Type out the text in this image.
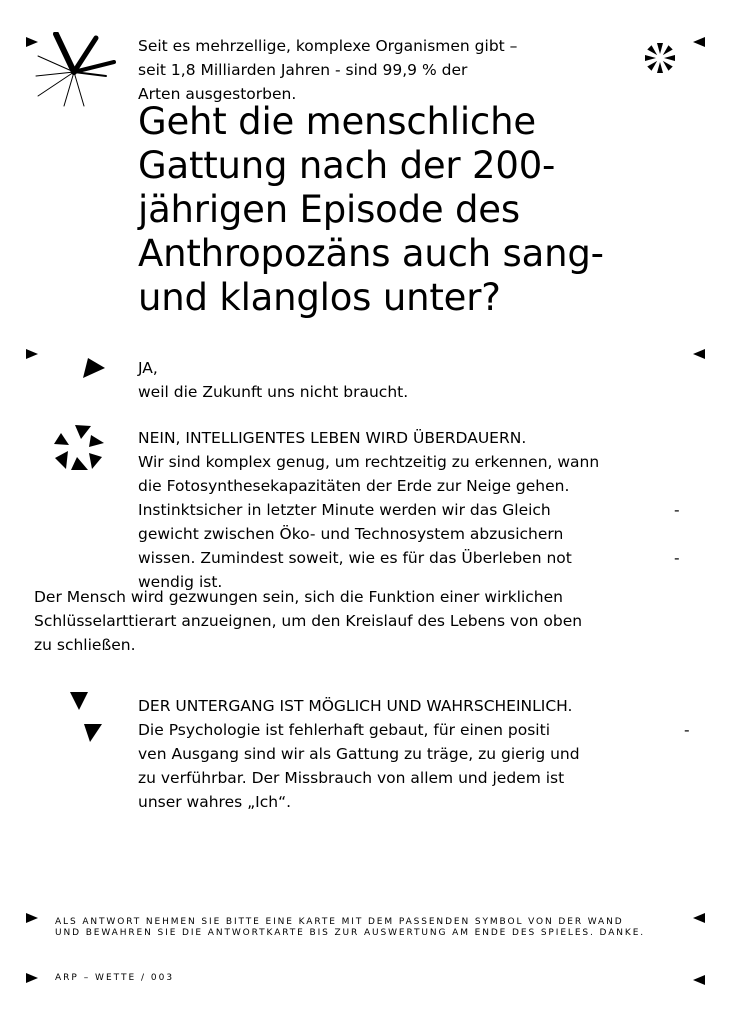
Seit es mehrzellige, komplexe Organismen gibt –
seit 1,8 Milliarden Jahren - sind 99,9 % der
Arten ausgestorben.
Geht die menschliche
Gattung nach der 200-
jährigen Episode des
Anthropozäns auch sang-
und klanglos unter?
JA,
weil die Zukunft uns nicht braucht.
NEIN, INTELLIGENTES LEBEN WIRD ÜBERDAUERN.
Wir sind komplex genug, um rechtzeitig zu erkennen, wann
die Fotosynthesekapazitäten der Erde zur Neige gehen.
Instinktsicher in letzter Minute werden wir das Gleich
gewicht zwischen Öko- und Technosystem abzusichern
wissen. Zumindest soweit, wie es für das Überleben not
wendig ist.
-
-
Der Mensch wird gezwungen sein, sich die Funktion einer wirklichen
Schlüsselarttierart anzueignen, um den Kreislauf des Lebens von oben
zu schließen.
DER UNTERGANG IST MÖGLICH UND WAHRSCHEINLICH.
Die Psychologie ist fehlerhaft gebaut, für einen positi
ven Ausgang sind wir als Gattung zu träge, zu gierig und
zu verführbar. Der Missbrauch von allem und jedem ist
unser wahres „Ich“.
-
ALS ANTWORT NEHMEN SIE BITTE EINE KARTE MIT DEM PASSENDEN SYMBOL VON DER WAND
UND BEWAHREN SIE DIE ANTWORTKARTE BIS ZUR AUSWERTUNG AM ENDE DES SPIELES. DANKE.
ARP – WETTE / 003
